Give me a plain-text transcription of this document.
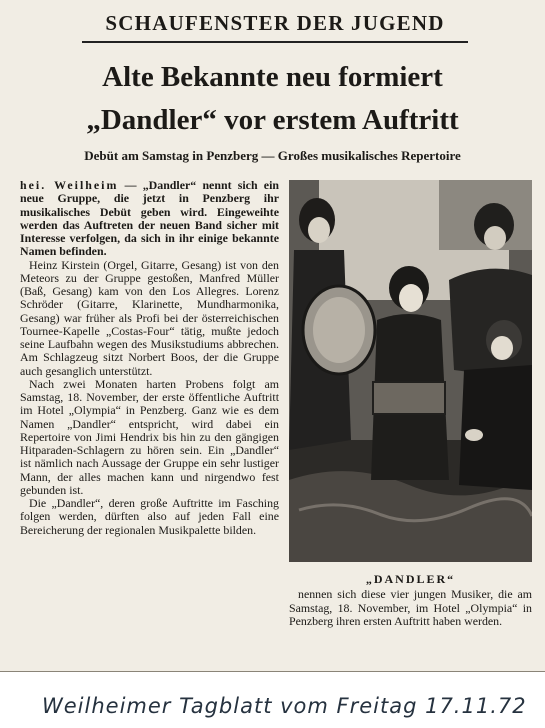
SCHAUFENSTER DER JUGEND
Alte Bekannte neu formiert
„Dandler“ vor erstem Auftritt
Debüt am Samstag in Penzberg — Großes musikalisches Repertoire

hei. Weilheim — „Dandler“ nennt sich ein neue Gruppe, die jetzt in Penzberg ihr musikalisches Debüt geben wird. Eingeweihte werden das Auftreten der neuen Band sicher mit Interesse verfolgen, da sich in ihr einige bekannte Namen befinden.

Heinz Kirstein (Orgel, Gitarre, Gesang) ist von den Meteors zu der Gruppe gestoßen, Manfred Müller (Baß, Gesang) kam von den Los Allegres. Lorenz Schröder (Gitarre, Klarinette, Mundharmonika, Gesang) war früher als Profi bei der österreichischen Tournee-Kapelle „Costas-Four“ tätig, mußte jedoch seine Laufbahn wegen des Musikstudiums abbrechen. Am Schlagzeug sitzt Norbert Boos, der die Gruppe auch gesanglich unterstützt.

Nach zwei Monaten harten Probens folgt am Samstag, 18. November, der erste öffentliche Auftritt im Hotel „Olympia“ in Penzberg. Ganz wie es dem Namen „Dandler“ entspricht, wird dabei ein Repertoire von Jimi Hendrix bis hin zu den gängigen Hitparaden-Schlagern zu hören sein. Ein „Dandler“ ist nämlich nach Aussage der Gruppe ein sehr lustiger Mann, der alles machen kann und nirgendwo fest gebunden ist.

Die „Dandler“, deren große Auftritte im Fasching folgen werden, dürften also auf jeden Fall eine Bereicherung der regionalen Musikpalette bilden.

„DANDLER“

nennen sich diese vier jungen Musiker, die am Samstag, 18. November, im Hotel „Olympia“ in Penzberg ihren ersten Auftritt haben werden.

Weilheimer Tagblatt vom Freitag 17.11.72
